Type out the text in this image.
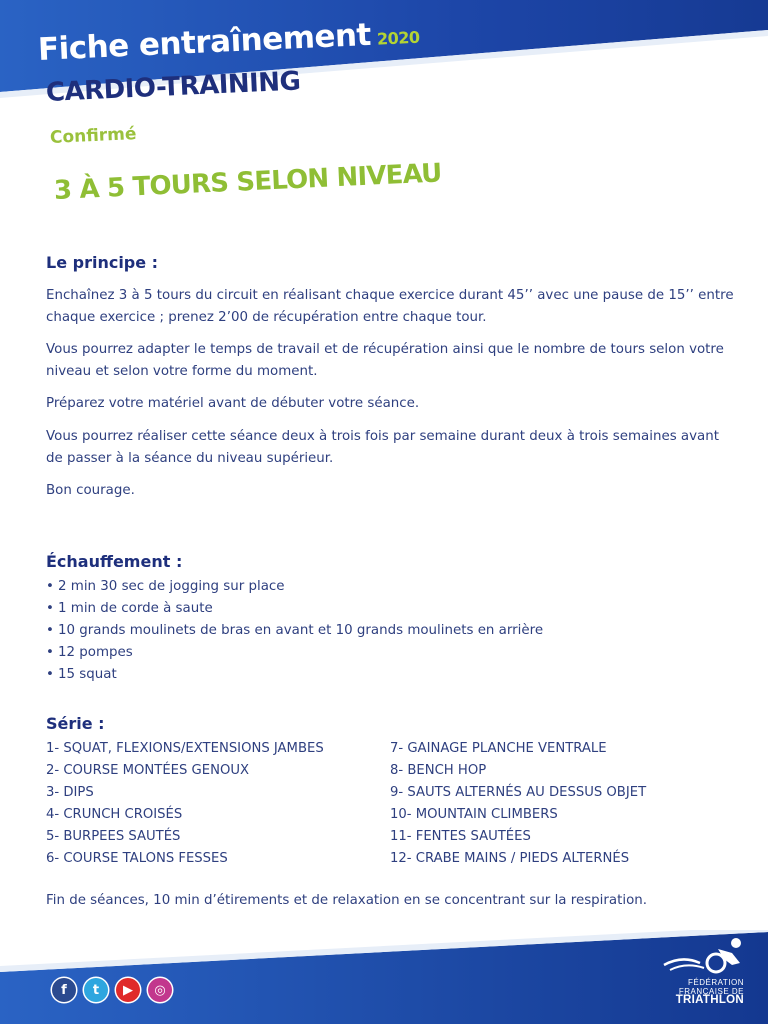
Fiche entraînement 2020
CARDIO-TRAINING

Confirmé

3 À 5 TOURS SELON NIVEAU

Le principe :
Enchaînez 3 à 5 tours du circuit en réalisant chaque exercice durant 45’’ avec une pause de 15’’ entre
chaque exercice ; prenez 2’00 de récupération entre chaque tour.
Vous pourrez adapter le temps de travail et de récupération ainsi que le nombre de tours selon votre
niveau et selon votre forme du moment.
Préparez votre matériel avant de débuter votre séance.
Vous pourrez réaliser cette séance deux à trois fois par semaine durant deux à trois semaines avant
de passer à la séance du niveau supérieur.
Bon courage.
Échauffement :
• 2 min 30 sec de jogging sur place
• 1 min de corde à saute
• 10 grands moulinets de bras en avant et 10 grands moulinets en arrière
• 12 pompes
• 15 squat
Série :
1- SQUAT, FLEXIONS/EXTENSIONS JAMBES
2- COURSE MONTÉES GENOUX
3- DIPS
4- CRUNCH CROISÉS
5- BURPEES SAUTÉS
6- COURSE TALONS FESSES
7- GAINAGE PLANCHE VENTRALE
8- BENCH HOP
9- SAUTS ALTERNÉS AU DESSUS OBJET
10- MOUNTAIN CLIMBERS
11- FENTES SAUTÉES
12- CRABE MAINS / PIEDS ALTERNÉS
Fin de séances, 10 min d’étirements et de relaxation en se concentrant sur la respiration.
f	t	▶	◎	FÉDÉRATION
FRANÇAISE DE
TRIATHLON
